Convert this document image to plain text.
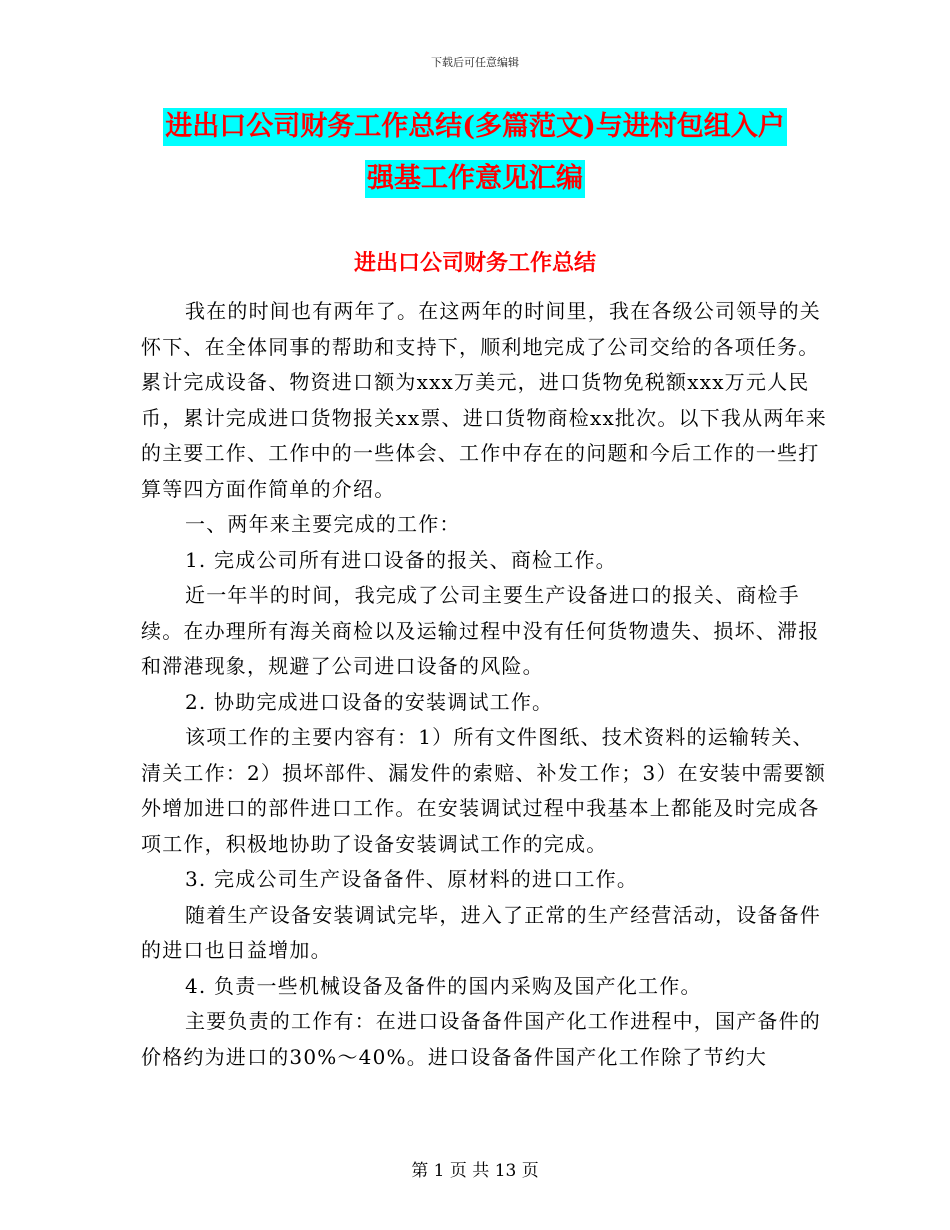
下载后可任意编辑
进出口公司财务工作总结(多篇范文)与进村包组入户
强基工作意见汇编
进出口公司财务工作总结

我在的时间也有两年了。在这两年的时间里，我在各级公司领导的关怀下、在全体同事的帮助和支持下，顺利地完成了公司交给的各项任务。累计完成设备、物资进口额为xxx万美元，进口货物免税额xxx万元人民币，累计完成进口货物报关xx票、进口货物商检xx批次。以下我从两年来的主要工作、工作中的一些体会、工作中存在的问题和今后工作的一些打算等四方面作简单的介绍。

一、两年来主要完成的工作：

1. 完成公司所有进口设备的报关、商检工作。

近一年半的时间，我完成了公司主要生产设备进口的报关、商检手续。在办理所有海关商检以及运输过程中没有任何货物遗失、损坏、滞报和滞港现象，规避了公司进口设备的风险。

2. 协助完成进口设备的安装调试工作。

该项工作的主要内容有：1）所有文件图纸、技术资料的运输转关、清关工作：2）损坏部件、漏发件的索赔、补发工作；3）在安装中需要额外增加进口的部件进口工作。在安装调试过程中我基本上都能及时完成各项工作，积极地协助了设备安装调试工作的完成。

3. 完成公司生产设备备件、原材料的进口工作。

随着生产设备安装调试完毕，进入了正常的生产经营活动，设备备件的进口也日益增加。

4. 负责一些机械设备及备件的国内采购及国产化工作。

主要负责的工作有：在进口设备备件国产化工作进程中，国产备件的价格约为进口的30%～40%。进口设备备件国产化工作除了节约大

第 1 页 共 13 页
